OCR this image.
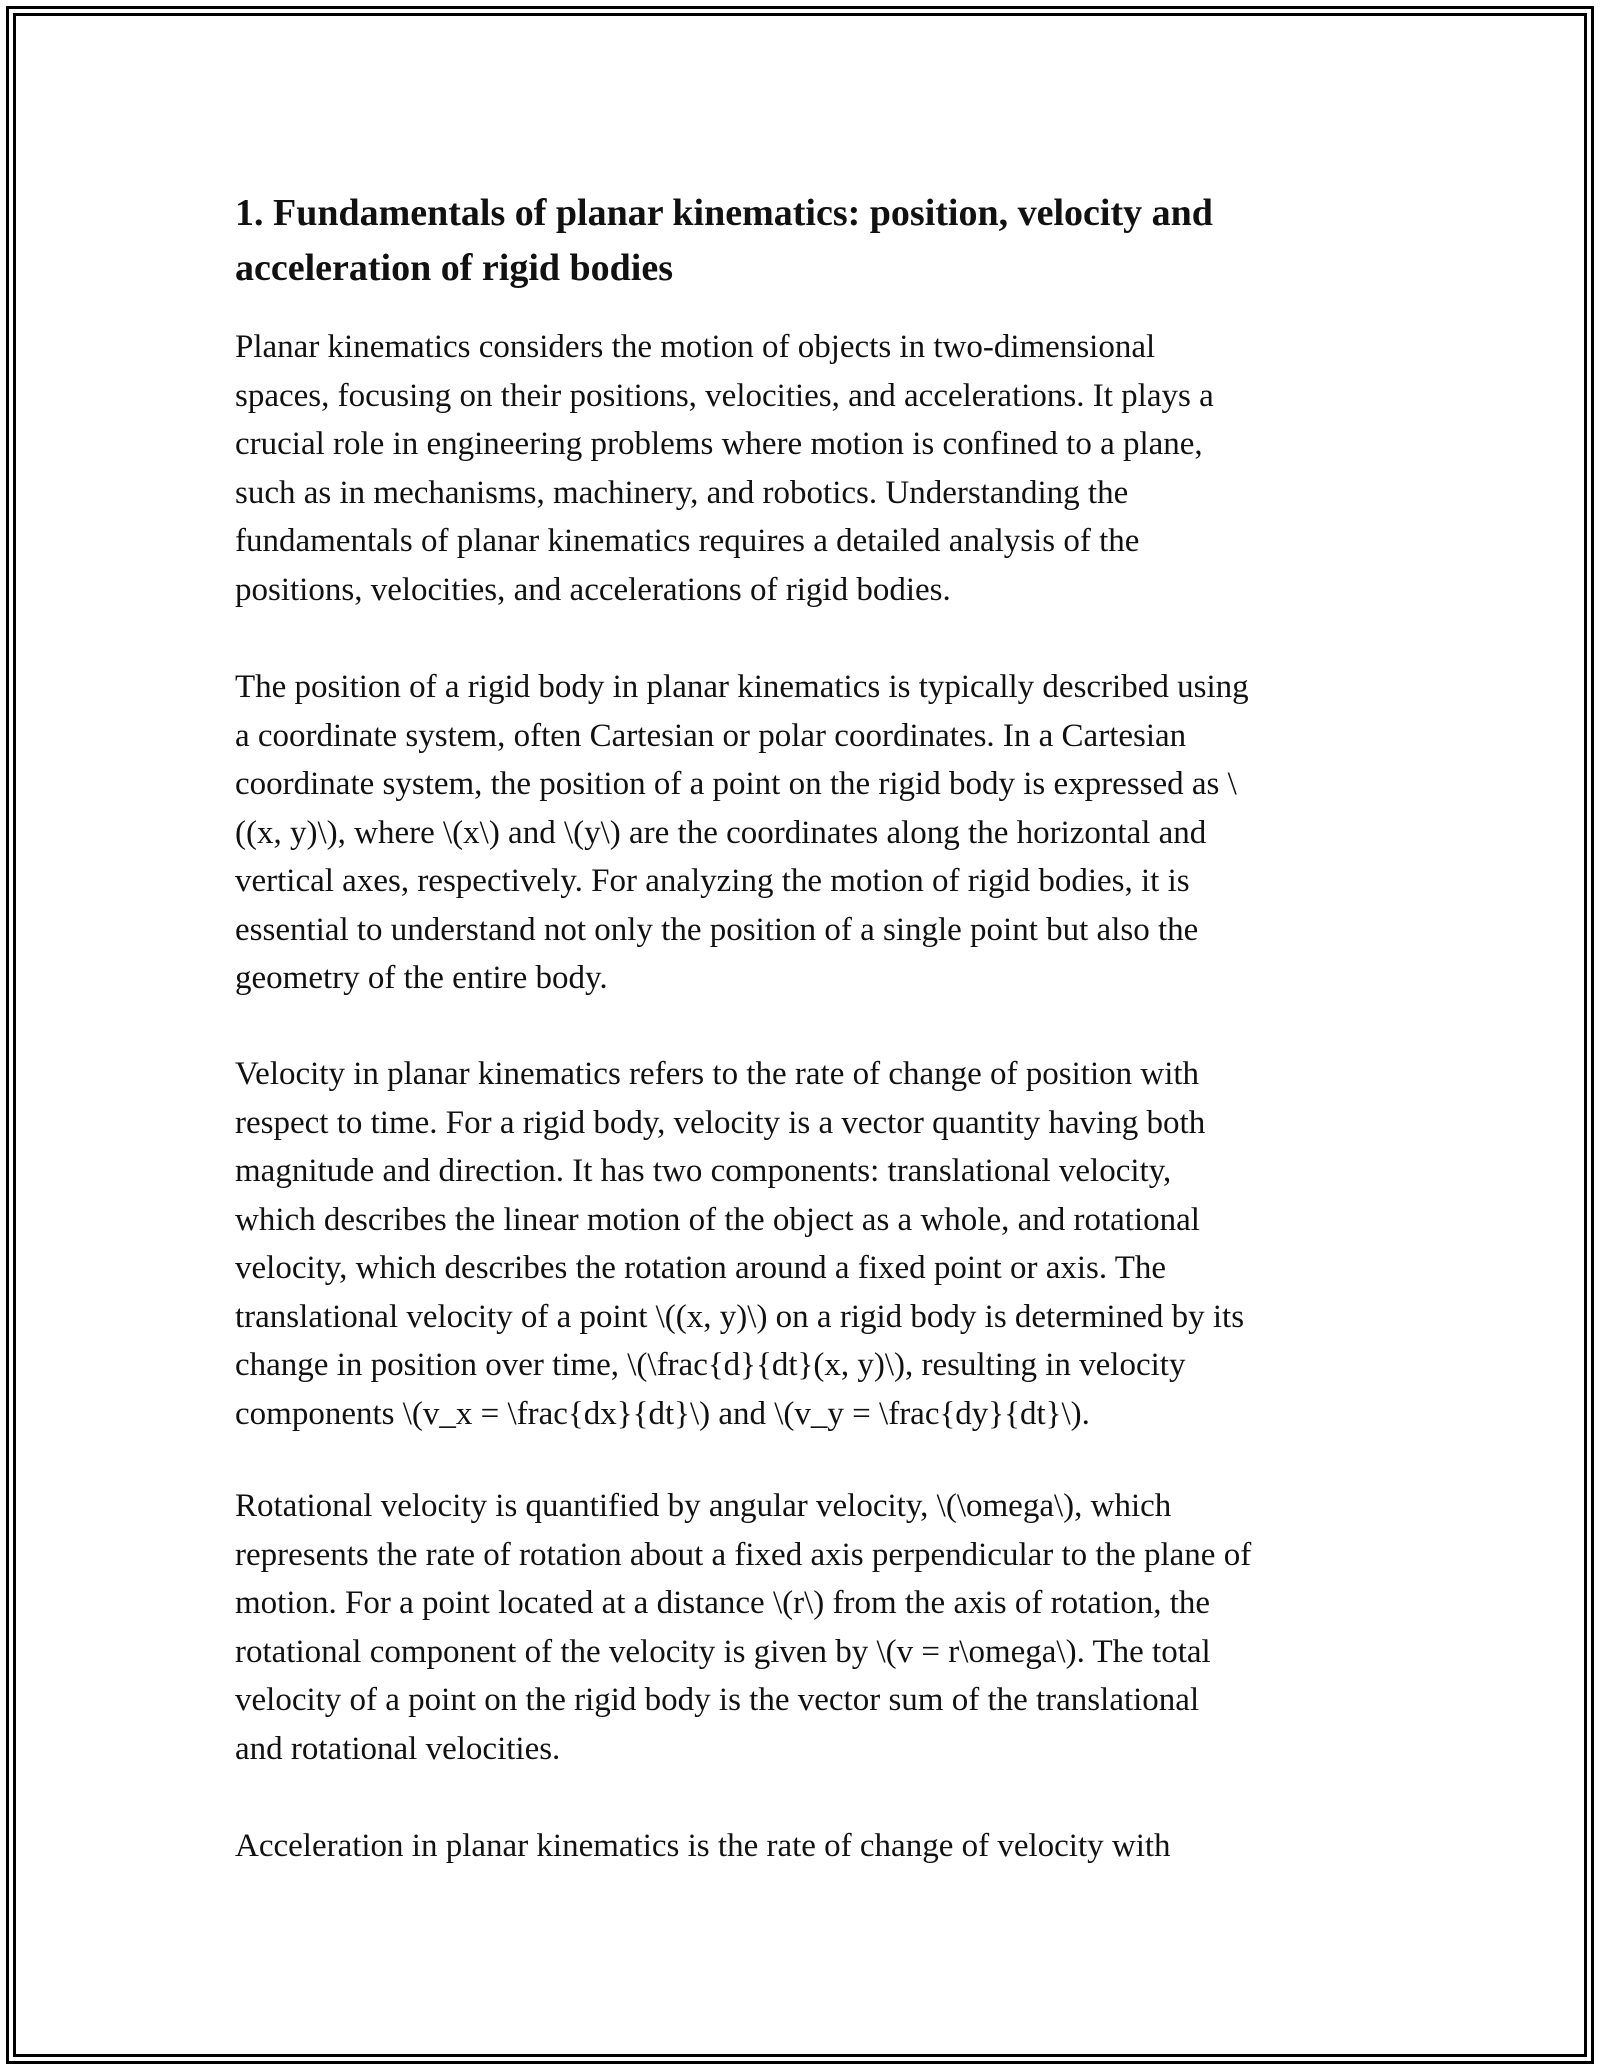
1. Fundamentals of planar kinematics: position, velocity and
acceleration of rigid bodies
Planar kinematics considers the motion of objects in two-dimensional
spaces, focusing on their positions, velocities, and accelerations. It plays a
crucial role in engineering problems where motion is confined to a plane,
such as in mechanisms, machinery, and robotics. Understanding the
fundamentals of planar kinematics requires a detailed analysis of the
positions, velocities, and accelerations of rigid bodies.
The position of a rigid body in planar kinematics is typically described using
a coordinate system, often Cartesian or polar coordinates. In a Cartesian
coordinate system, the position of a point on the rigid body is expressed as \
((x, y)\), where \(x\) and \(y\) are the coordinates along the horizontal and
vertical axes, respectively. For analyzing the motion of rigid bodies, it is
essential to understand not only the position of a single point but also the
geometry of the entire body.
Velocity in planar kinematics refers to the rate of change of position with
respect to time. For a rigid body, velocity is a vector quantity having both
magnitude and direction. It has two components: translational velocity,
which describes the linear motion of the object as a whole, and rotational
velocity, which describes the rotation around a fixed point or axis. The
translational velocity of a point \((x, y)\) on a rigid body is determined by its
change in position over time, \(\frac{d}{dt}(x, y)\), resulting in velocity
components \(v_x = \frac{dx}{dt}\) and \(v_y = \frac{dy}{dt}\).
Rotational velocity is quantified by angular velocity, \(\omega\), which
represents the rate of rotation about a fixed axis perpendicular to the plane of
motion. For a point located at a distance \(r\) from the axis of rotation, the
rotational component of the velocity is given by \(v = r\omega\). The total
velocity of a point on the rigid body is the vector sum of the translational
and rotational velocities.
Acceleration in planar kinematics is the rate of change of velocity with
